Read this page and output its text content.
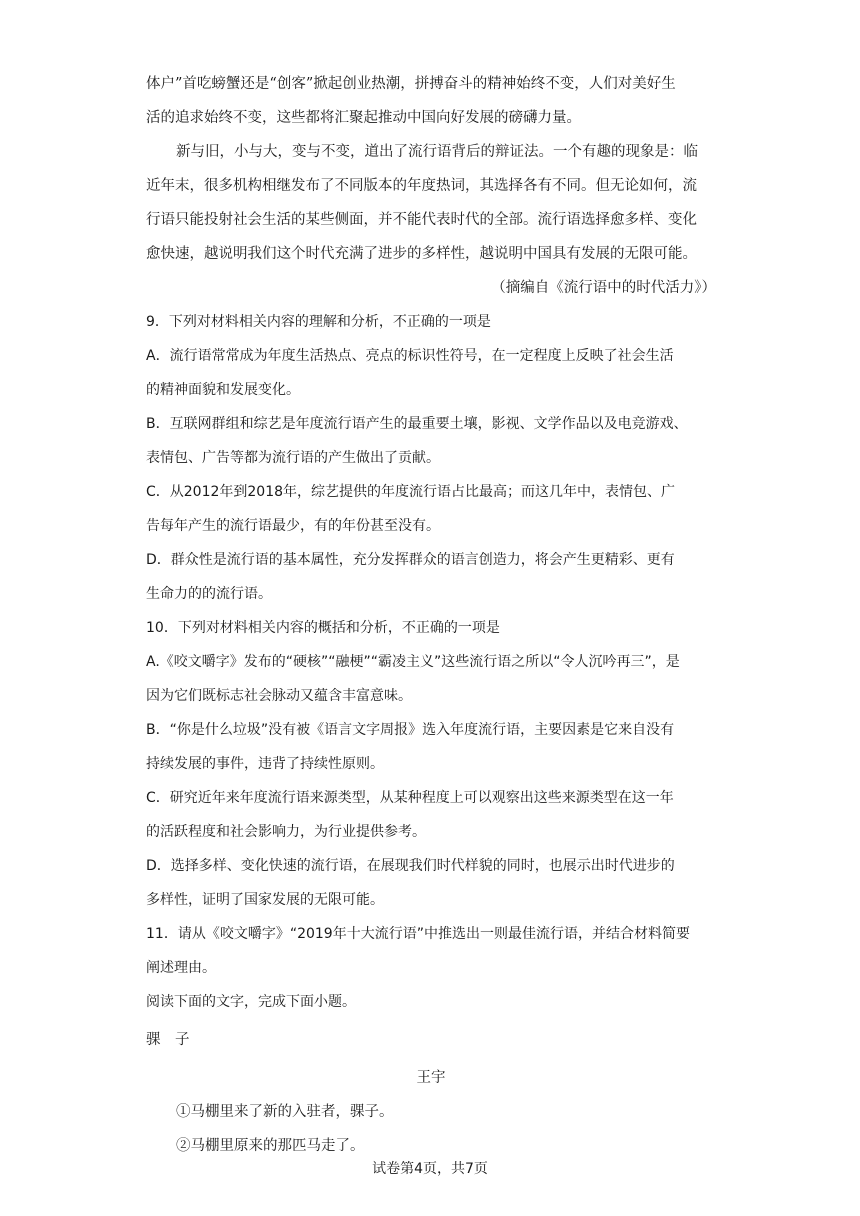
体户”首吃螃蟹还是“创客”掀起创业热潮，拼搏奋斗的精神始终不变，人们对美好生
活的追求始终不变，这些都将汇聚起推动中国向好发展的磅礴力量。
新与旧，小与大，变与不变，道出了流行语背后的辩证法。一个有趣的现象是：临
近年末，很多机构相继发布了不同版本的年度热词，其选择各有不同。但无论如何，流
行语只能投射社会生活的某些侧面，并不能代表时代的全部。流行语选择愈多样、变化
愈快速，越说明我们这个时代充满了进步的多样性，越说明中国具有发展的无限可能。
（摘编自《流行语中的时代活力》）
9．下列对材料相关内容的理解和分析，不正确的一项是
A．流行语常常成为年度生活热点、亮点的标识性符号，在一定程度上反映了社会生活
的精神面貌和发展变化。
B．互联网群组和综艺是年度流行语产生的最重要土壤，影视、文学作品以及电竞游戏、
表情包、广告等都为流行语的产生做出了贡献。
C．从2012年到2018年，综艺提供的年度流行语占比最高；而这几年中，表情包、广
告每年产生的流行语最少，有的年份甚至没有。
D．群众性是流行语的基本属性，充分发挥群众的语言创造力，将会产生更精彩、更有
生命力的的流行语。
10．下列对材料相关内容的概括和分析，不正确的一项是
A.《咬文嚼字》发布的“硬核”“融梗”“霸凌主义”这些流行语之所以“令人沉吟再三”，是
因为它们既标志社会脉动又蕴含丰富意味。
B．“你是什么垃圾”没有被《语言文字周报》选入年度流行语，主要因素是它来自没有
持续发展的事件，违背了持续性原则。
C．研究近年来年度流行语来源类型，从某种程度上可以观察出这些来源类型在这一年
的活跃程度和社会影响力，为行业提供参考。
D．选择多样、变化快速的流行语，在展现我们时代样貌的同时，也展示出时代进步的
多样性，证明了国家发展的无限可能。
11．请从《咬文嚼字》“2019年十大流行语”中推选出一则最佳流行语，并结合材料简要
阐述理由。
阅读下面的文字，完成下面小题。
骒　子
王宇
①马棚里来了新的入驻者，骒子。
②马棚里原来的那匹马走了。
试卷第4页，共7页
